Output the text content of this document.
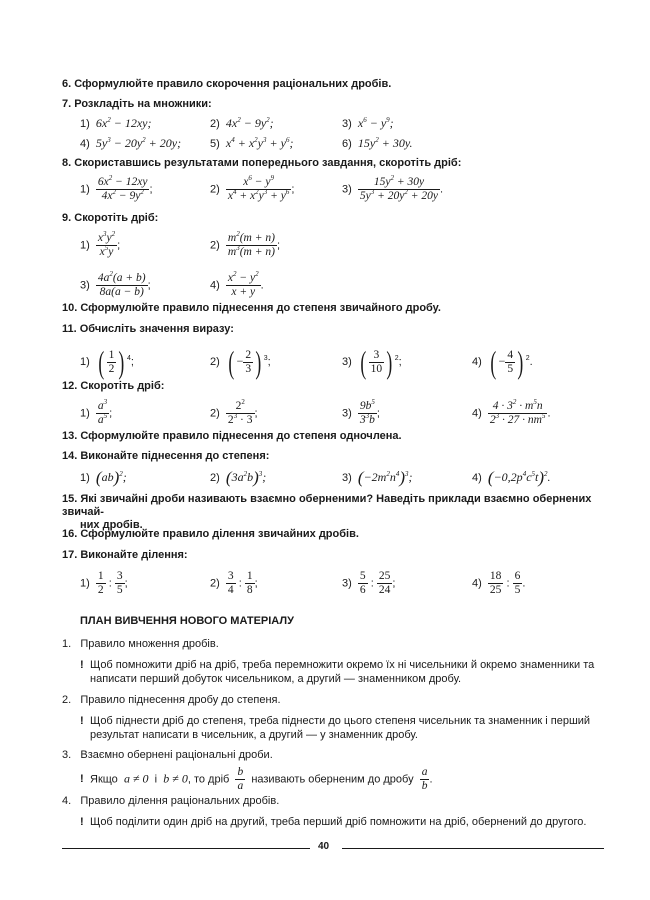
6. Сформулюйте правило скорочення раціональних дробів.
7. Розкладіть на множники:
1) $6x^2 - 12xy$;	2) $4x^2 - 9y^2$;	3) $x^6 - y^9$;
4) $5y^3 - 20y^2 + 20y$;	5) $x^4 + x^2y^3 + y^6$;	6) $15y^2 + 30y$.
8. Скориставшись результатами попереднього завдання, скоротіть дріб:
$1) \frac{6x^2 - 12xy}{4x^2 - 9y^2}$ ;	$2) \frac{x^6 - y^9}{x^4 + x^2y^3 + y^6}$ ;	$3) \frac{15y^2 + 30y}{5y^3 + 20y^2 + 20y}$ .
9. Скоротіть дріб:
$1) \frac{x^3y^2}{x^5y}$ ;	$2) \frac{m^2(m + n)}{m^3(m + n)}$ ;
$3) \frac{4a^2(a + b)}{8a(a - b)}$ ;	$4) \frac{x^2 - y^2}{x + y}$ .
10. Сформулюйте правило піднесення до степеня звичайного дробу.
11. Обчисліть значення виразу:
1) ( $\frac{1}{2}$ ) $^4$;	2) ( − $\frac{2}{3}$ ) $^3$;	3) ( $\frac{3}{10}$ ) $^2$;	4) ( − $\frac{4}{5}$ ) $^2$.
12. Скоротіть дріб:
$1) \frac{a^3}{a^5}$ ;	$2) \frac{2^2}{2^3 \cdot 3}$ ;	$3) \frac{9b^5}{3^3b}$ ;	$4) \frac{4 \cdot 3^2 \cdot m^5n}{2^3 \cdot 27 \cdot nm^5}$ .
13. Сформулюйте правило піднесення до степеня одночлена.
14. Виконайте піднесення до степеня:
1) (ab)$^2$;	2) $(3a^2b)^3$;	3) $(-2m^2n^4)^3$;	4) $(-0,2p^4c^5t)^2$.
15. Які звичайні дроби називають взаємно оберненими? Наведіть приклади взаємно обернених звичай-
них дробів.
16. Сформулюйте правило ділення звичайних дробів.
17. Виконайте ділення:
$1) \frac{1}{2}$ : $\frac{3}{5}$ ;	$2) \frac{3}{4}$ : $\frac{1}{8}$ ;	$3) \frac{5}{6}$ : $\frac{25}{24}$ ;	$4) \frac{18}{25}$ : $\frac{6}{5}$ .
ПЛАН ВИВЧЕННЯ НОВОГО МАТЕРІАЛУ
1. Правило множення дробів.
! Щоб помножити дріб на дріб, треба перемножити окремо їх ні чисельники й окремо знаменники та
написати перший добуток чисельником, а другий — знаменником дробу.
2. Правило піднесення дробу до степеня.
! Щоб піднести дріб до степеня, треба піднести до цього степеня чисельник та знаменник і перший
результат написати в чисельник, а другий — у знаменник дробу.
3. Взаємно обернені раціональні дроби.
! Якщо a ≠ 0 і b ≠ 0, то дріб $\frac{b}{a}$ називають оберненим до дробу $\frac{a}{b}$ .
4. Правило ділення раціональних дробів.
! Щоб поділити один дріб на другий, треба перший дріб помножити на дріб, обернений до другого.
40
